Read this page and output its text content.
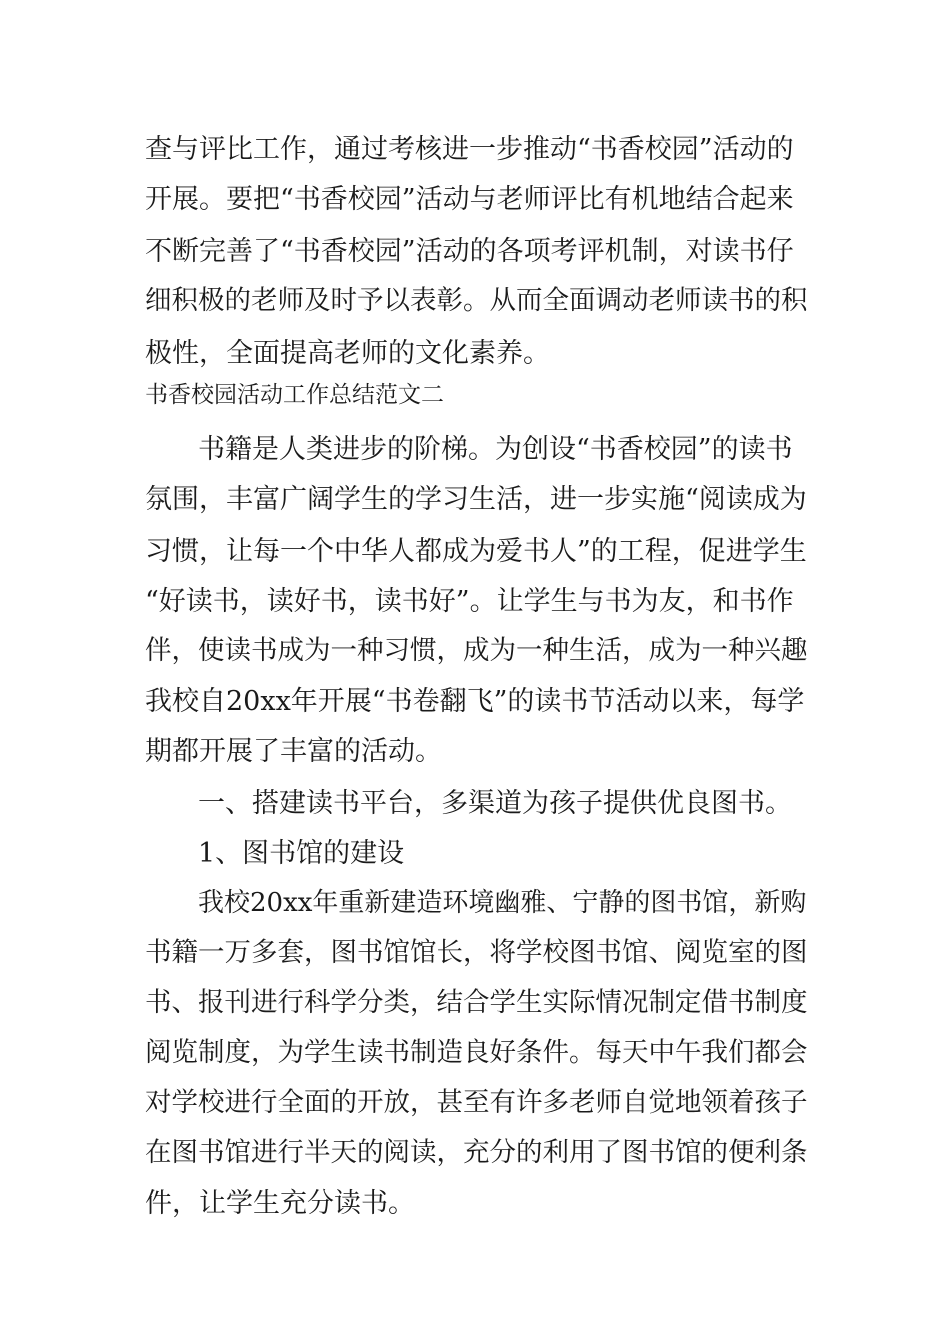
查与评比工作，通过考核进一步推动“书香校园”活动的
开展。要把“书香校园”活动与老师评比有机地结合起来
不断完善了“书香校园”活动的各项考评机制，对读书仔
细积极的老师及时予以表彰。从而全面调动老师读书的积
极性，全面提高老师的文化素养。
书香校园活动工作总结范文二
书籍是人类进步的阶梯。为创设“书香校园”的读书
氛围，丰富广阔学生的学习生活，进一步实施“阅读成为
习惯，让每一个中华人都成为爱书人”的工程，促进学生
“好读书，读好书，读书好”。让学生与书为友，和书作
伴，使读书成为一种习惯，成为一种生活，成为一种兴趣
我校自20xx年开展“书卷翻飞”的读书节活动以来，每学
期都开展了丰富的活动。
一、搭建读书平台，多渠道为孩子提供优良图书。
1、图书馆的建设
我校20xx年重新建造环境幽雅、宁静的图书馆，新购
书籍一万多套，图书馆馆长，将学校图书馆、阅览室的图
书、报刊进行科学分类，结合学生实际情况制定借书制度
阅览制度，为学生读书制造良好条件。每天中午我们都会
对学校进行全面的开放，甚至有许多老师自觉地领着孩子
在图书馆进行半天的阅读，充分的利用了图书馆的便利条
件，让学生充分读书。
